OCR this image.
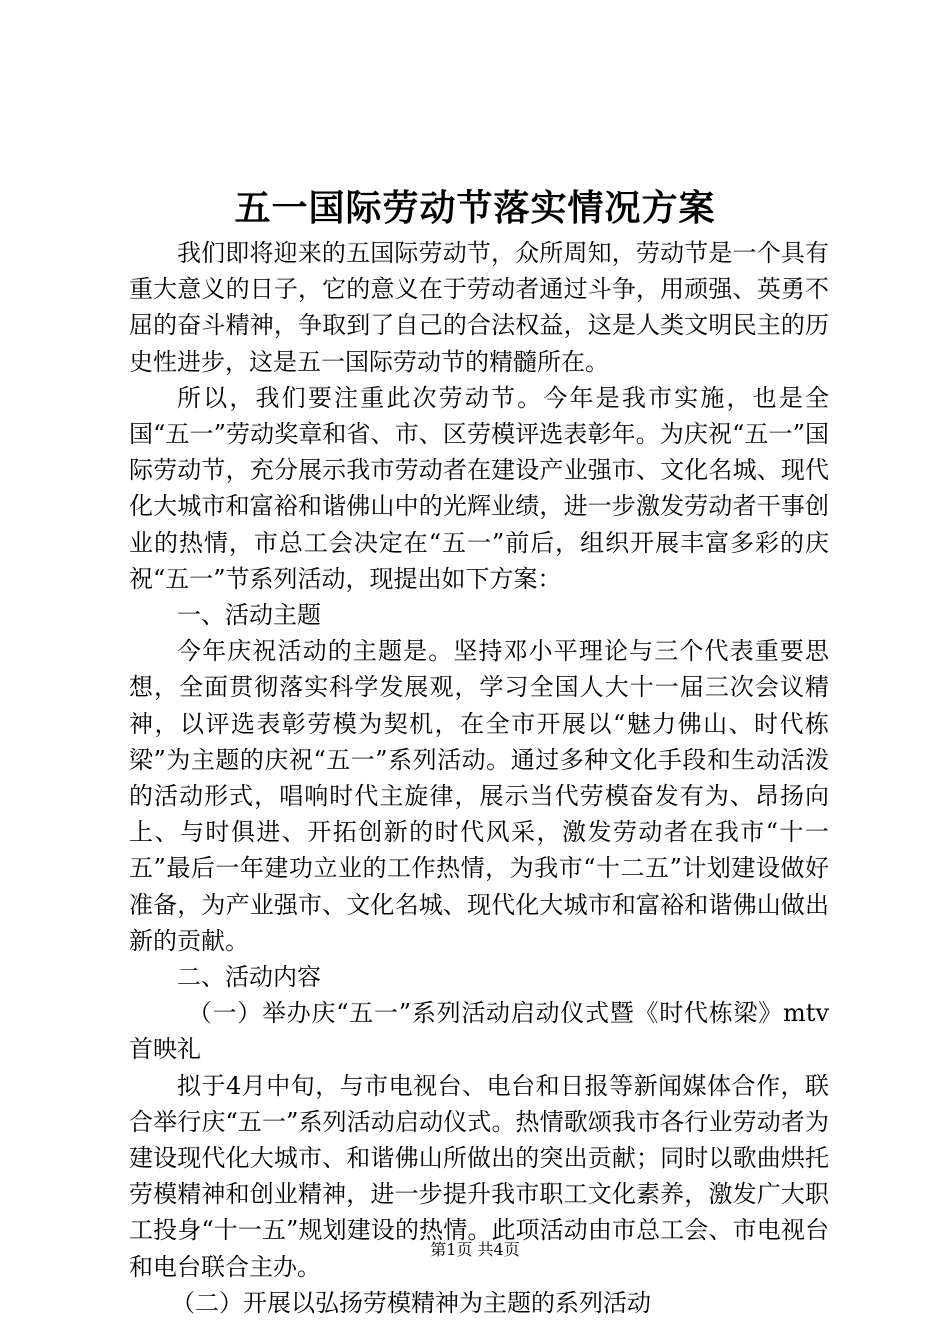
五一国际劳动节落实情况方案

我们即将迎来的五国际劳动节，众所周知，劳动节是一个具有重大意义的日子，它的意义在于劳动者通过斗争，用顽强、英勇不屈的奋斗精神，争取到了自己的合法权益，这是人类文明民主的历史性进步，这是五一国际劳动节的精髓所在。

所以，我们要注重此次劳动节。今年是我市实施，也是全国“五一”劳动奖章和省、市、区劳模评选表彰年。为庆祝“五一”国际劳动节，充分展示我市劳动者在建设产业强市、文化名城、现代化大城市和富裕和谐佛山中的光辉业绩，进一步激发劳动者干事创业的热情，市总工会决定在“五一”前后，组织开展丰富多彩的庆祝“五一”节系列活动，现提出如下方案：

一、活动主题

今年庆祝活动的主题是。坚持邓小平理论与三个代表重要思想，全面贯彻落实科学发展观，学习全国人大十一届三次会议精神，以评选表彰劳模为契机，在全市开展以“魅力佛山、时代栋梁”为主题的庆祝“五一”系列活动。通过多种文化手段和生动活泼的活动形式，唱响时代主旋律，展示当代劳模奋发有为、昂扬向上、与时俱进、开拓创新的时代风采，激发劳动者在我市“十一五”最后一年建功立业的工作热情，为我市“十二五”计划建设做好准备，为产业强市、文化名城、现代化大城市和富裕和谐佛山做出新的贡献。

二、活动内容

（一）举办庆“五一”系列活动启动仪式暨《时代栋梁》mtv首映礼

拟于4月中旬，与市电视台、电台和日报等新闻媒体合作，联合举行庆“五一”系列活动启动仪式。热情歌颂我市各行业劳动者为建设现代化大城市、和谐佛山所做出的突出贡献；同时以歌曲烘托劳模精神和创业精神，进一步提升我市职工文化素养，激发广大职工投身“十一五”规划建设的热情。此项活动由市总工会、市电视台和电台联合主办。

（二）开展以弘扬劳模精神为主题的系列活动

第1页 共4页
